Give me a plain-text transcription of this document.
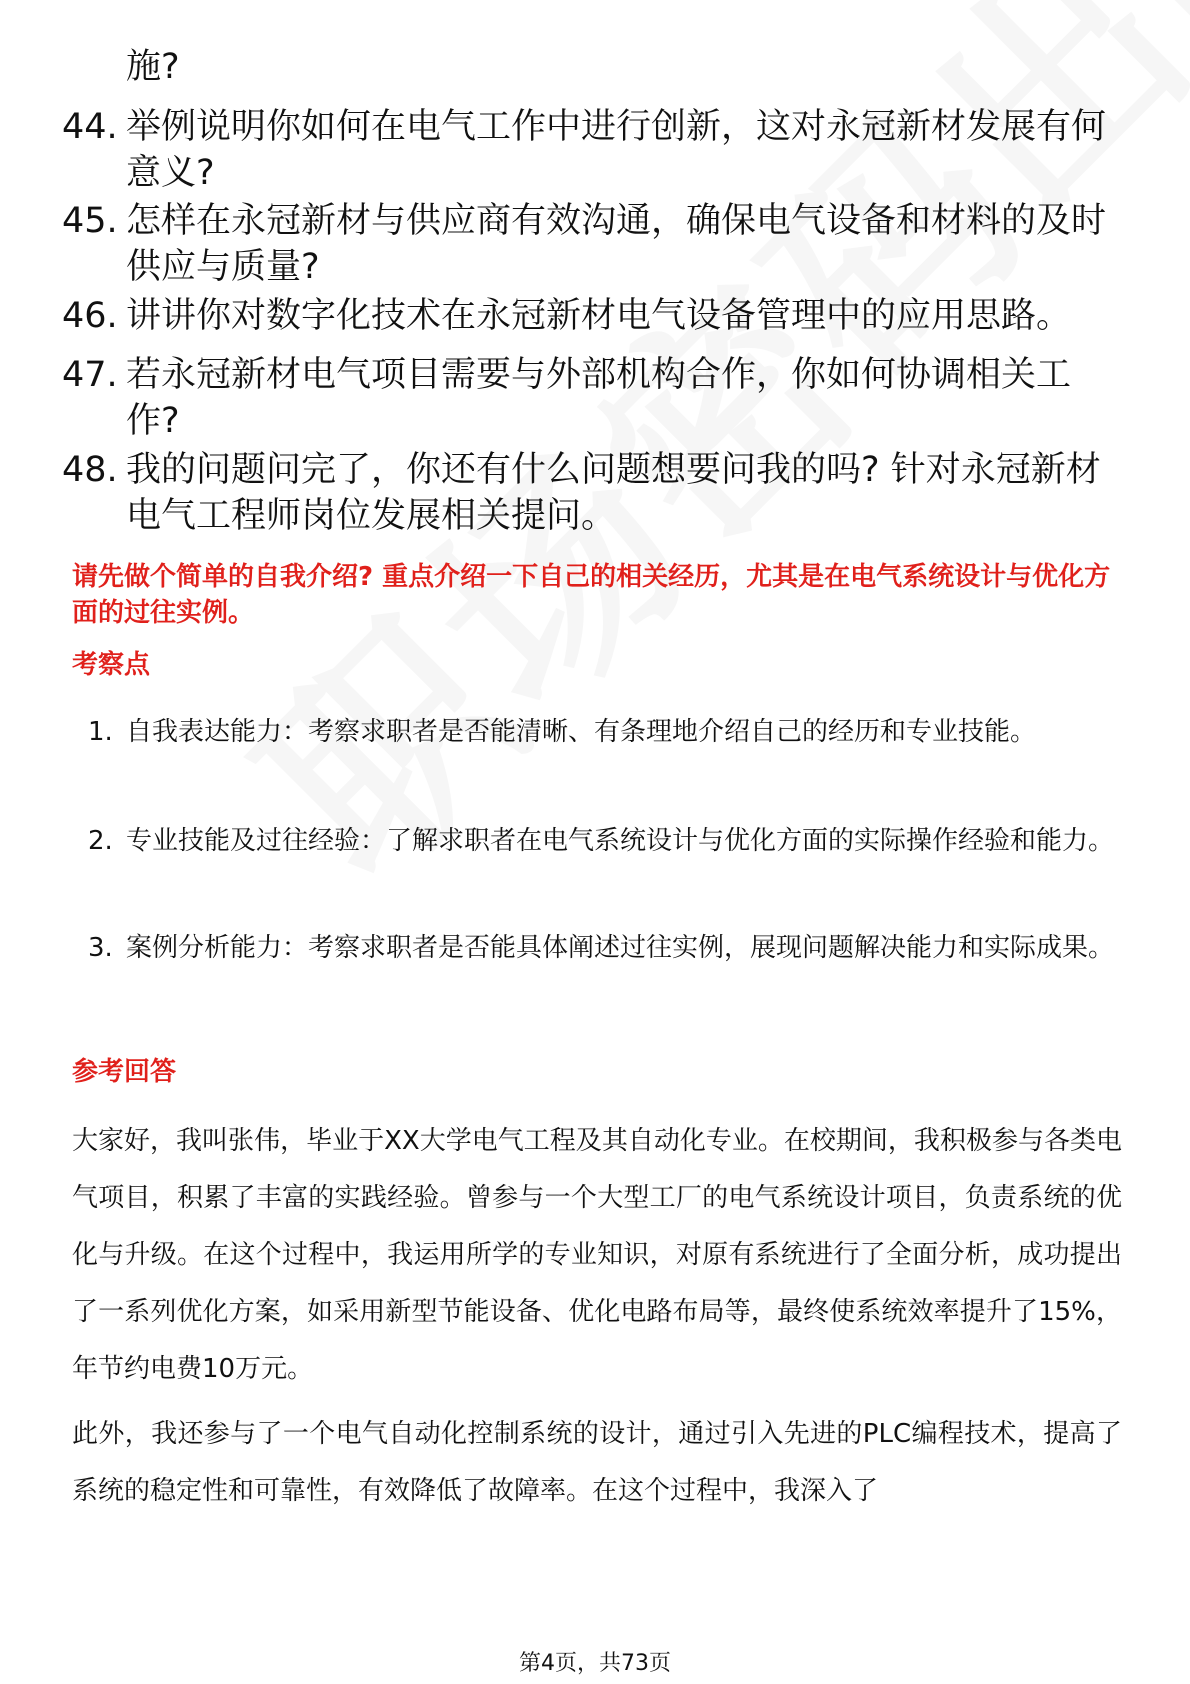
施?
44. 举例说明你如何在电气工作中进行创新，这对永冠新材发展有何意义?
45. 怎样在永冠新材与供应商有效沟通，确保电气设备和材料的及时供应与质量?
46. 讲讲你对数字化技术在永冠新材电气设备管理中的应用思路。
47. 若永冠新材电气项目需要与外部机构合作，你如何协调相关工作?
48. 我的问题问完了，你还有什么问题想要问我的吗? 针对永冠新材电气工程师岗位发展相关提问。
请先做个简单的自我介绍? 重点介绍一下自己的相关经历，尤其是在电气系统设计与优化方面的过往实例。
考察点
1. 自我表达能力：考察求职者是否能清晰、有条理地介绍自己的经历和专业技能。
2. 专业技能及过往经验：了解求职者在电气系统设计与优化方面的实际操作经验和能力。
3. 案例分析能力：考察求职者是否能具体阐述过往实例，展现问题解决能力和实际成果。
参考回答
大家好，我叫张伟，毕业于XX大学电气工程及其自动化专业。在校期间，我积极参与各类电气项目，积累了丰富的实践经验。曾参与一个大型工厂的电气系统设计项目，负责系统的优化与升级。在这个过程中，我运用所学的专业知识，对原有系统进行了全面分析，成功提出了一系列优化方案，如采用新型节能设备、优化电路布局等，最终使系统效率提升了15%，年节约电费10万元。
此外，我还参与了一个电气自动化控制系统的设计，通过引入先进的PLC编程技术，提高了系统的稳定性和可靠性，有效降低了故障率。在这个过程中，我深入了
第4页，共73页
